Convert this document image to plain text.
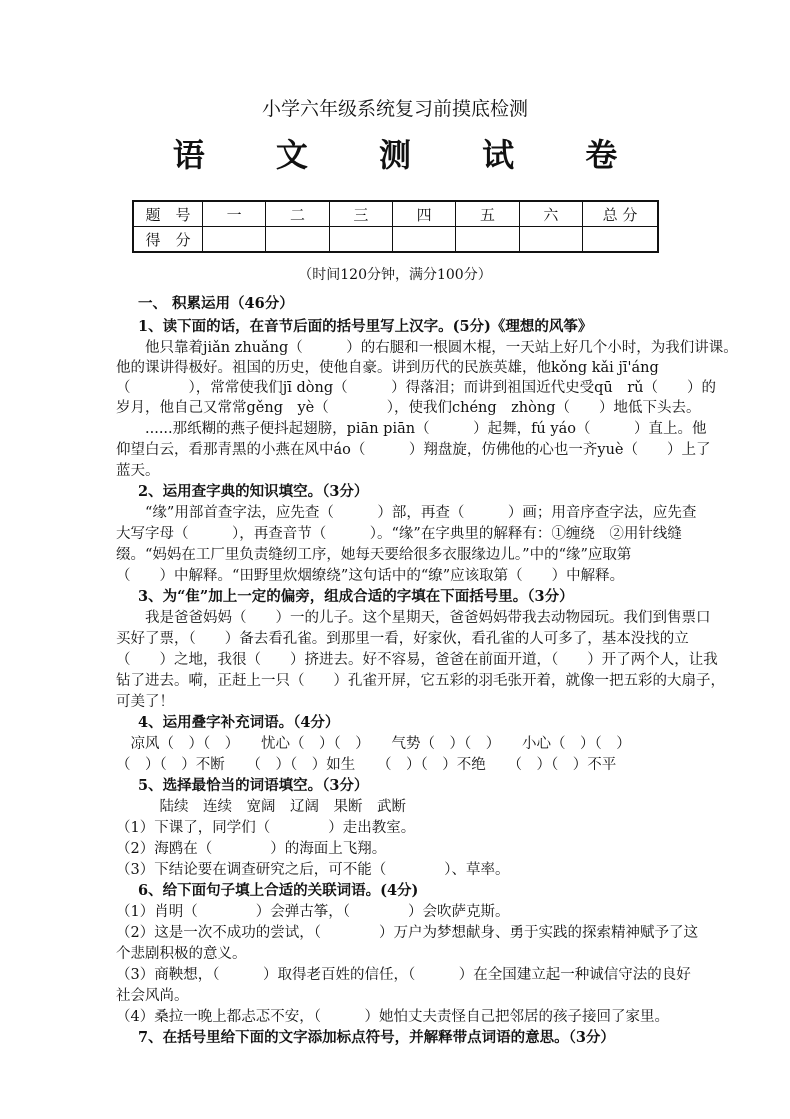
小学六年级系统复习前摸底检测
语 文 测 试 卷
题　号	一	二	三	四	五	六	总 分
得　分							
（时间120分钟，满分100分）
一、 积累运用（46分）
1、读下面的话，在音节后面的括号里写上汉字。(5分)《理想的风筝》
　　他只靠着jiǎn zhuǎng（　　　）的右腿和一根圆木棍，一天站上好几个小时，为我们讲课。
他的课讲得极好。祖国的历史，使他自豪。讲到历代的民族英雄，他kǒng kǎi jī'áng
（　　　　），常常使我们jī dòng（　　　）得落泪；而讲到祖国近代史受qū　rǔ（　　）的
岁月，他自己又常常gěng　yè（　　　　），使我们chéng　zhòng（　　）地低下头去。
　　......那纸糊的燕子便抖起翅膀，piān piān（　　　）起舞，fú yáo（　　　）直上。他
仰望白云，看那青黑的小燕在风中áo（　　　）翔盘旋，仿佛他的心也一齐yuè（　　）上了
蓝天。
2、运用查字典的知识填空。（3分）
　　“缘”用部首查字法，应先查（　　　）部，再查（　　　）画；用音序查字法，应先查
大写字母（　　　），再查音节（　　　）。“缘”在字典里的解释有：①缠绕　②用针线缝
缀。“妈妈在工厂里负责缝纫工序，她每天要给很多衣服缘边儿。”中的“缘”应取第
（　　）中解释。“田野里炊烟缭绕”这句话中的“缭”应该取第（　　）中解释。
3、为“隹”加上一定的偏旁，组成合适的字填在下面括号里。（3分）
　　我是爸爸妈妈（　　）一的儿子。这个星期天，爸爸妈妈带我去动物园玩。我们到售票口
买好了票，（　　）备去看孔雀。到那里一看，好家伙，看孔雀的人可多了，基本没找的立
（　　）之地，我很（　　）挤进去。好不容易，爸爸在前面开道，（　　）开了两个人，让我
钻了进去。嗬，正赶上一只（　　）孔雀开屏，它五彩的羽毛张开着，就像一把五彩的大扇子，
可美了！
4、运用叠字补充词语。（4分）
　凉风（　）（　）　　忧心（　）（　）　　气势（　）（　）　　小心（　）（　）
（　）（　）不断　　（　）（　）如生　　（　）（　）不绝　　（　）（　）不平
5、选择最恰当的词语填空。（3分）
　　　陆续　连续　宽阔　辽阔　果断　武断
（1）下课了，同学们（　　　　）走出教室。
（2）海鸥在（　　　　）的海面上飞翔。
（3）下结论要在调查研究之后，可不能（　　　　）、草率。
6、给下面句子填上合适的关联词语。(4分)
（1）肖明（　　　　）会弹古筝，（　　　　）会吹萨克斯。
（2）这是一次不成功的尝试，（　　　　）万户为梦想献身、勇于实践的探索精神赋予了这
个悲剧积极的意义。
（3）商鞅想，（　　　）取得老百姓的信任，（　　　）在全国建立起一种诚信守法的良好
社会风尚。
（4）桑拉一晚上都忐忑不安，（　　　）她怕丈夫责怪自己把邻居的孩子接回了家里。
7、在括号里给下面的文字添加标点符号，并解释带点词语的意思。（3分）
